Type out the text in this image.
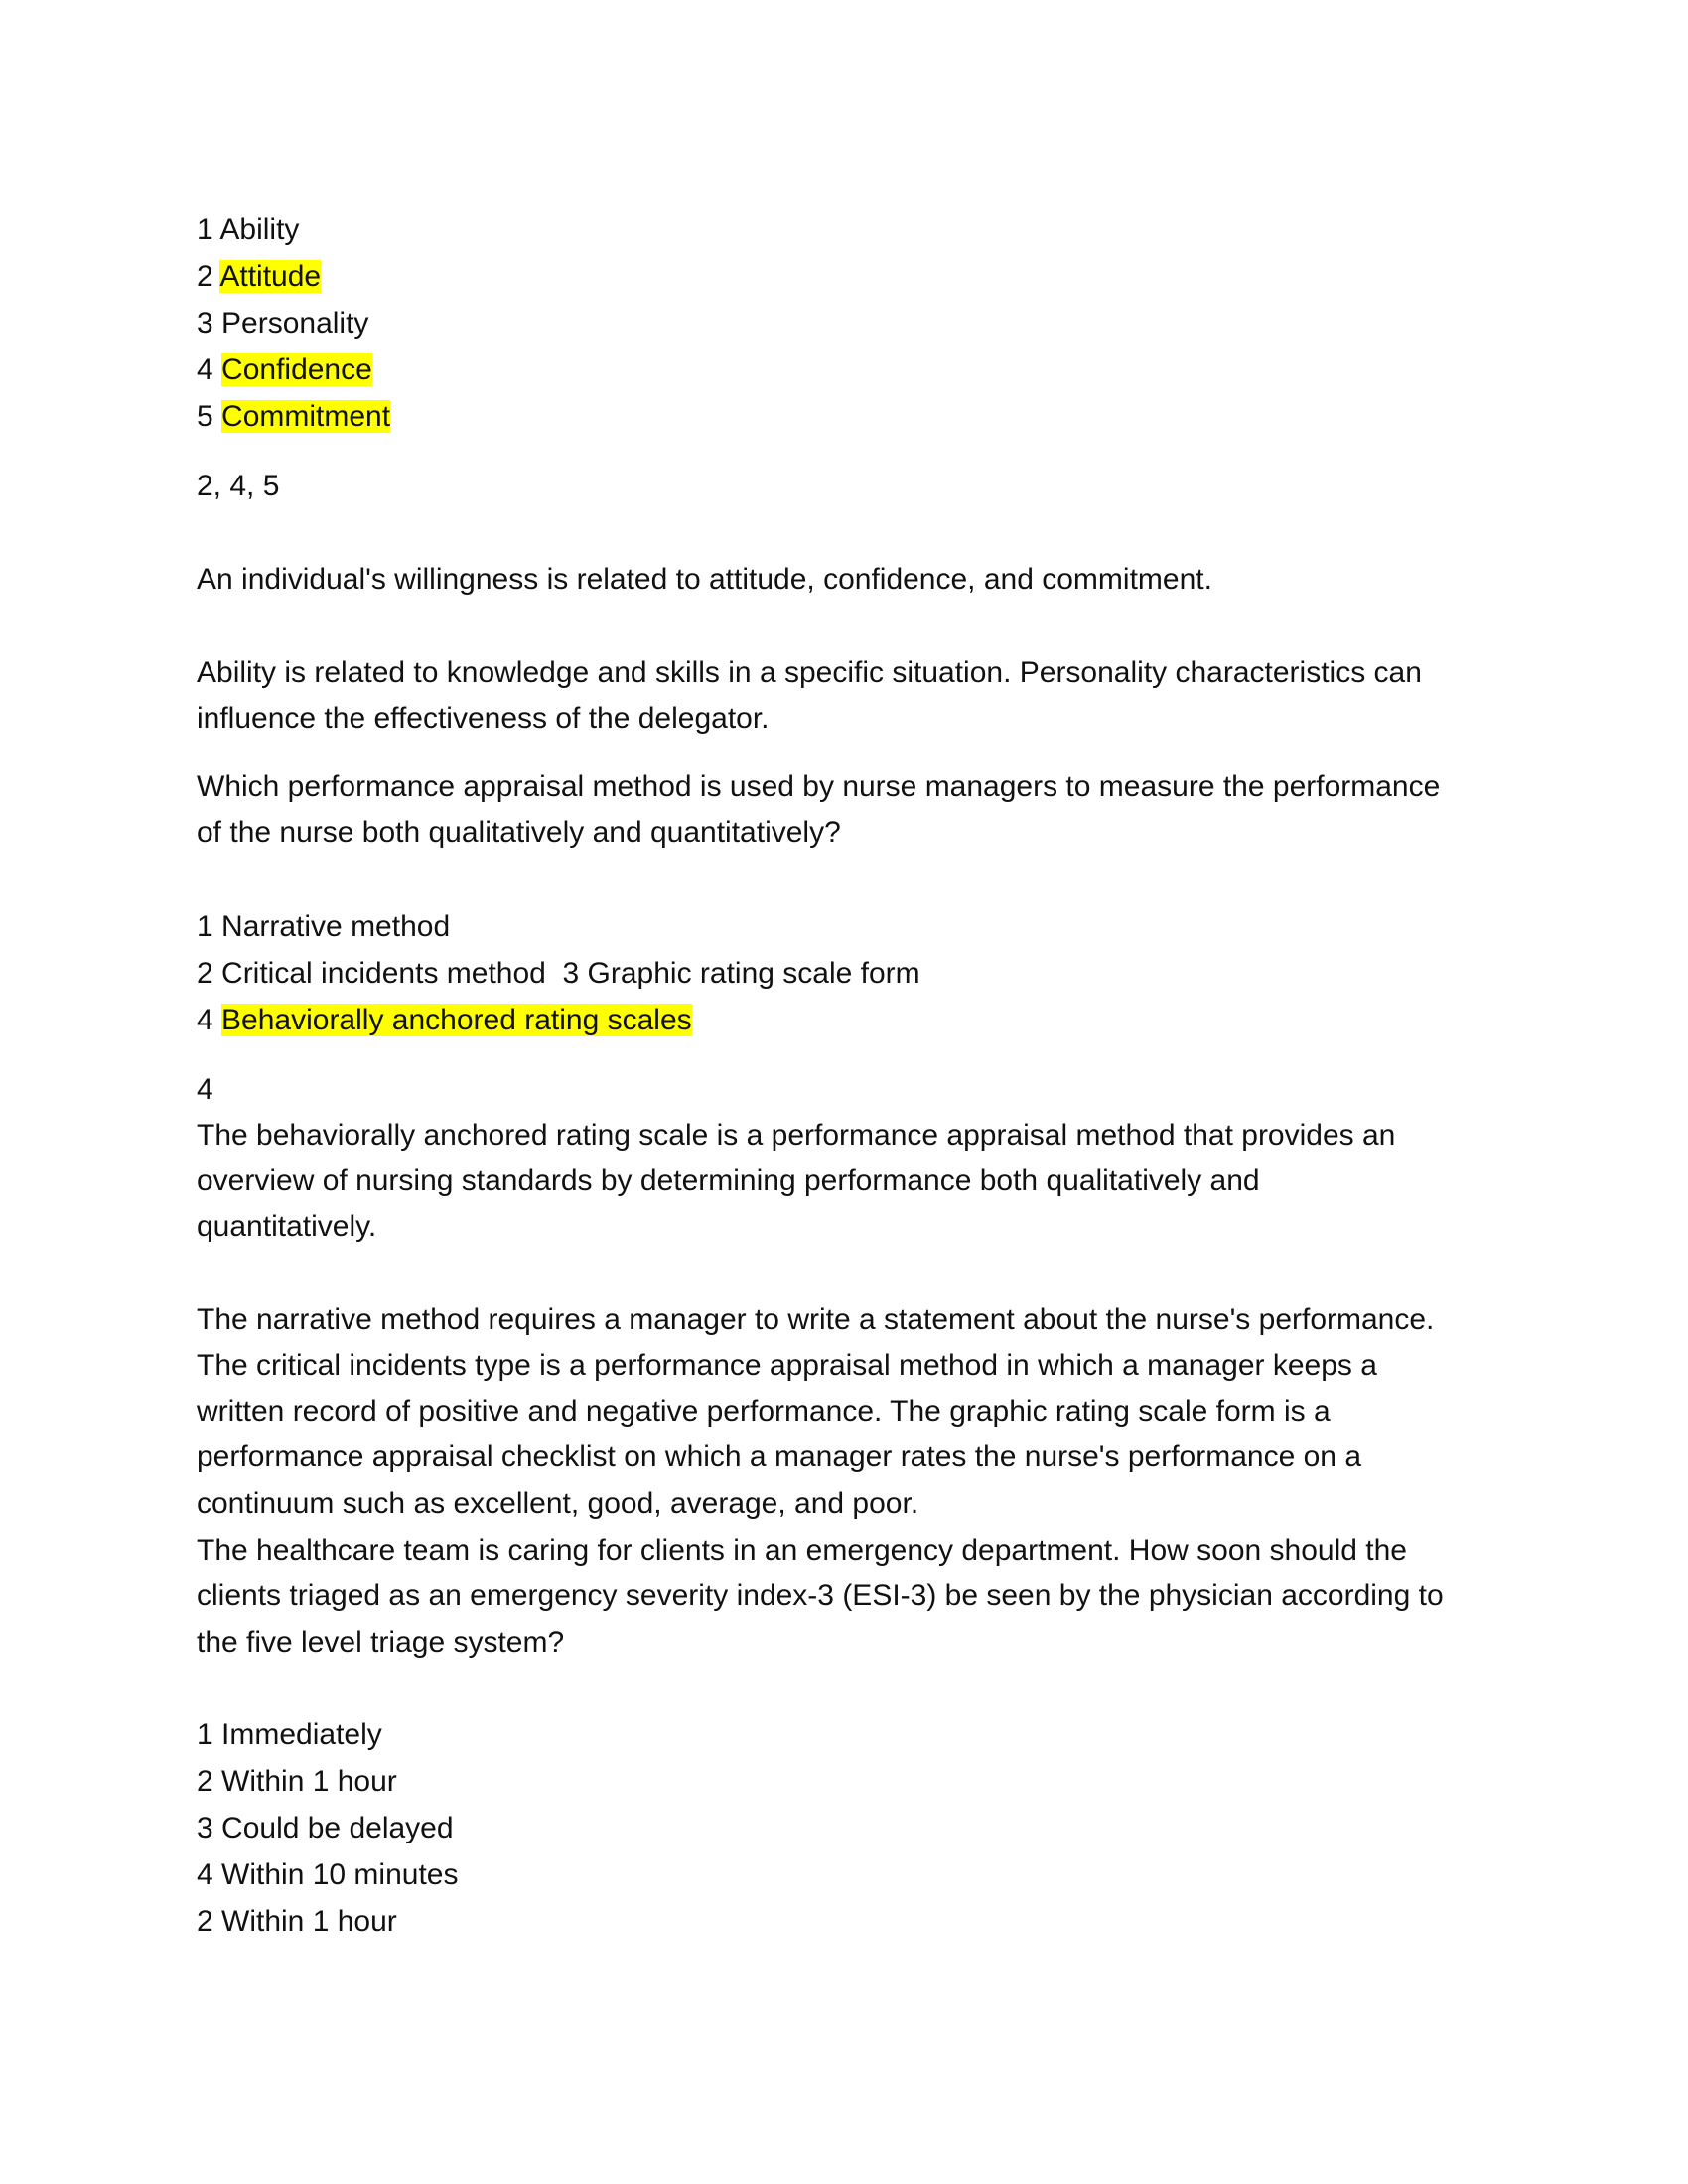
1 Ability
2 Attitude
3 Personality
4 Confidence
5 Commitment
2, 4, 5
An individual's willingness is related to attitude, confidence, and commitment.
Ability is related to knowledge and skills in a specific situation. Personality characteristics can
influence the effectiveness of the delegator.
Which performance appraisal method is used by nurse managers to measure the performance
of the nurse both qualitatively and quantitatively?
1 Narrative method
2 Critical incidents method  3 Graphic rating scale form
4 Behaviorally anchored rating scales
4
The behaviorally anchored rating scale is a performance appraisal method that provides an
overview of nursing standards by determining performance both qualitatively and
quantitatively.
The narrative method requires a manager to write a statement about the nurse's performance.
The critical incidents type is a performance appraisal method in which a manager keeps a
written record of positive and negative performance. The graphic rating scale form is a
performance appraisal checklist on which a manager rates the nurse's performance on a
continuum such as excellent, good, average, and poor.
The healthcare team is caring for clients in an emergency department. How soon should the
clients triaged as an emergency severity index-3 (ESI-3) be seen by the physician according to
the five level triage system?
1 Immediately
2 Within 1 hour
3 Could be delayed
4 Within 10 minutes
2 Within 1 hour
